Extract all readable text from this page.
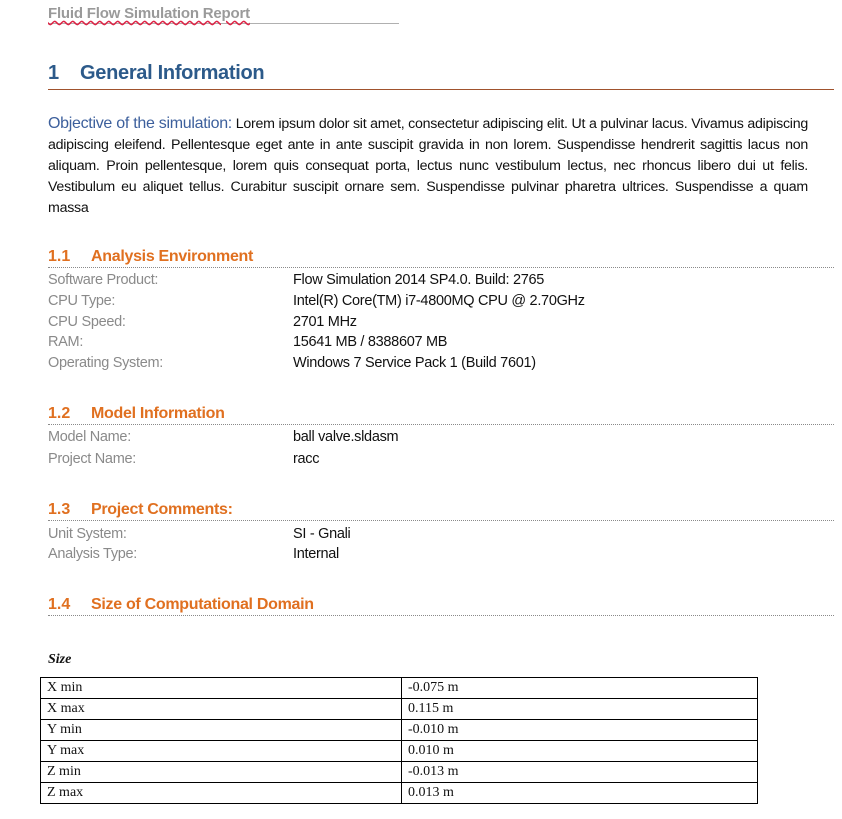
Fluid Flow Simulation Report
1 General Information
Objective of the simulation: Lorem ipsum dolor sit amet, consectetur adipiscing elit. Ut a pulvinar lacus. Vivamus adipiscing adipiscing eleifend. Pellentesque eget ante in ante suscipit gravida in non lorem. Suspendisse hendrerit sagittis lacus non aliquam. Proin pellentesque, lorem quis consequat porta, lectus nunc vestibulum lectus, nec rhoncus libero dui ut felis. Vestibulum eu aliquet tellus. Curabitur suscipit ornare sem. Suspendisse pulvinar pharetra ultrices. Suspendisse a quam massa
1.1 Analysis Environment
Software Product:	Flow Simulation 2014 SP4.0. Build: 2765
CPU Type:	Intel(R) Core(TM) i7-4800MQ CPU @ 2.70GHz
CPU Speed:	2701 MHz
RAM:	15641 MB / 8388607 MB
Operating System:	Windows 7 Service Pack 1 (Build 7601)
1.2 Model Information
Model Name:	ball valve.sldasm
Project Name:	racc
1.3 Project Comments:
Unit System:	SI - Gnali
Analysis Type:	Internal
1.4 Size of Computational Domain
Size
X min	-0.075 m
X max	0.115 m
Y min	-0.010 m
Y max	0.010 m
Z min	-0.013 m
Z max	0.013 m
